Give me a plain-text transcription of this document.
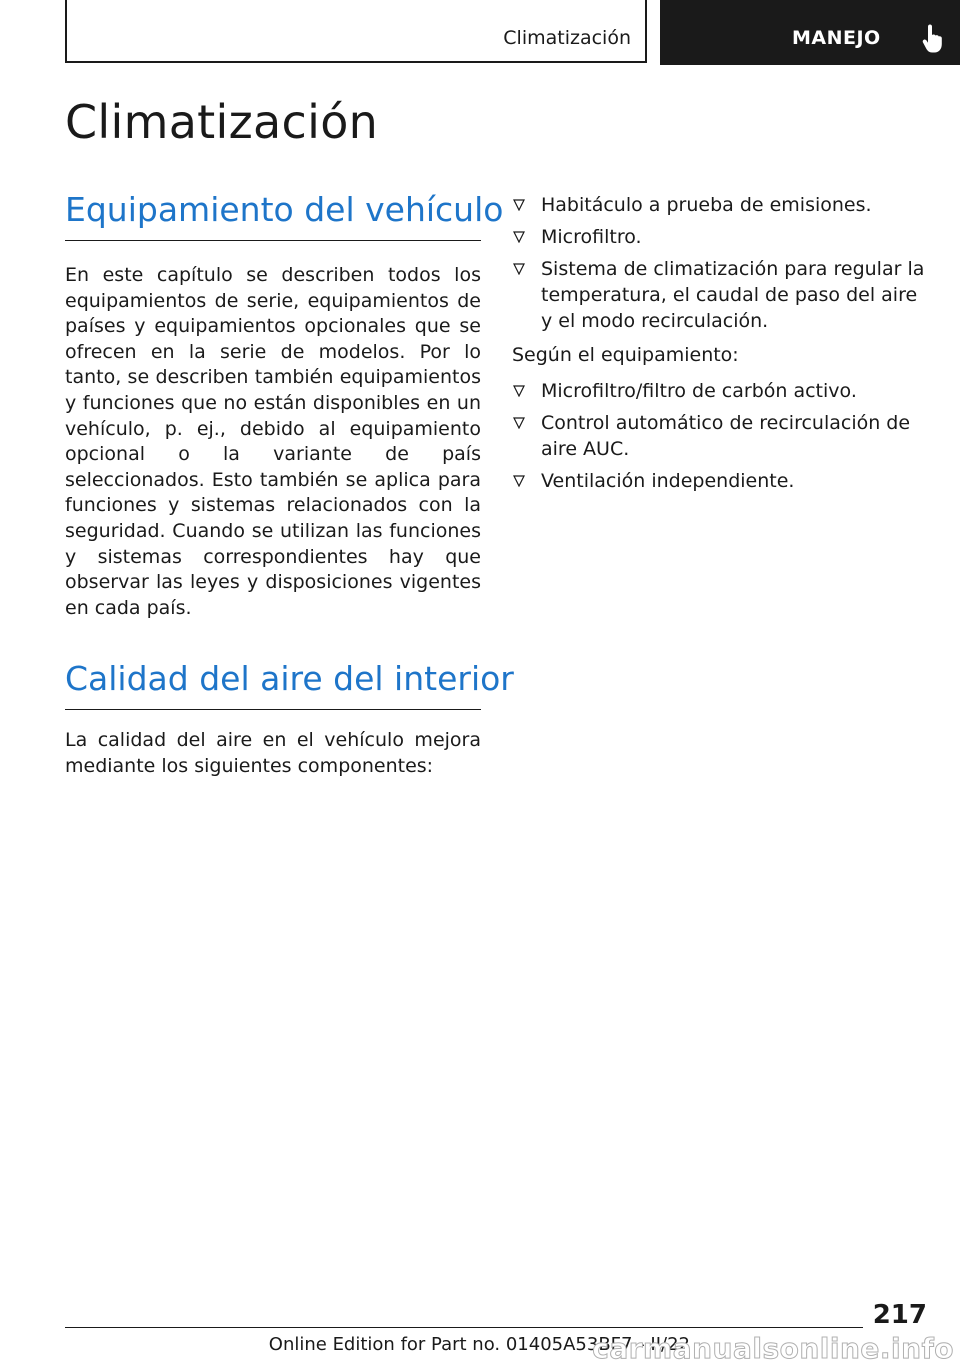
Climatización	MANEJO
Climatización
Equipamiento del vehículo

En este capítulo se describen todos los equipamientos de serie, equipamientos de países y equipamientos opcionales que se ofrecen en la serie de modelos. Por lo tanto, se describen también equipamientos y funciones que no están disponibles en un vehículo, p. ej., debido al equipamiento opcional o la variante de país seleccionados. Esto también se aplica para funciones y sistemas relacionados con la seguridad. Cuando se utilizan las funciones y sistemas correspondientes hay que observar las leyes y disposiciones vigentes en cada país.

Calidad del aire del interior

La calidad del aire en el vehículo mejora mediante los siguientes componentes:

Habitáculo a prueba de emisiones.
Microfiltro.
Sistema de climatización para regular la temperatura, el caudal de paso del aire y el modo recirculación.

Según el equipamiento:

Microfiltro/filtro de carbón activo.
Control automático de recirculación de aire AUC.
Ventilación independiente.
217
Online Edition for Part no. 01405A53BF7 - II/22
carmanualsonline.info
